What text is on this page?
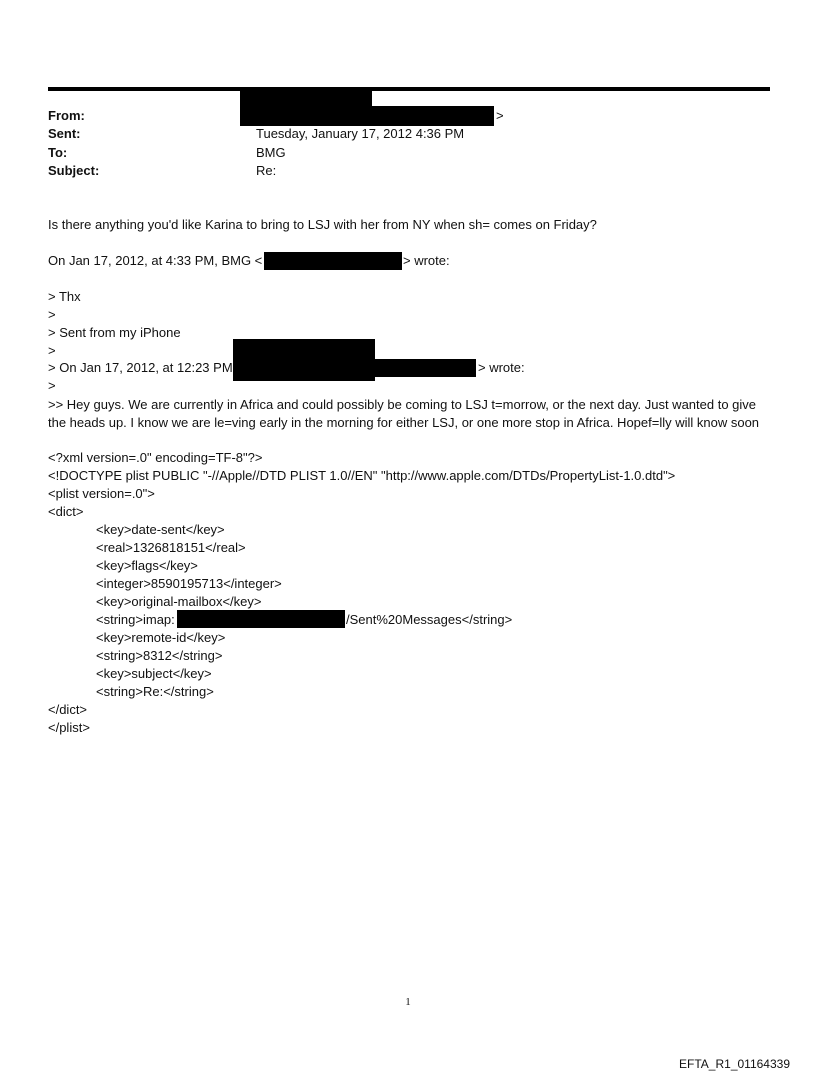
From:	>
Sent:	Tuesday, January 17, 2012 4:36 PM
To:	BMG
Subject:	Re:
Is there anything you'd like Karina to bring to LSJ with her from NY when sh= comes on Friday?
On Jan 17, 2012, at 4:33 PM, BMG <	> wrote:
> Thx
>
> Sent from my iPhone
>
> On Jan 17, 2012, at 12:23 PM	> wrote:
>
>> Hey guys. We are currently in Africa and could possibly be coming to LSJ t=morrow, or the next day. Just wanted to give the heads up. I know we are le=ving early in the morning for either LSJ, or one more stop in Africa. Hopef=lly will know soon
<?xml version=.0" encoding=TF-8"?>
<!DOCTYPE plist PUBLIC "-//Apple//DTD PLIST 1.0//EN" "http://www.apple.com/DTDs/PropertyList-1.0.dtd">
<plist version=.0">
<dict>
<key>date-sent</key>
<real>1326818151</real>
<key>flags</key>
<integer>8590195713</integer>
<key>original-mailbox</key>
<string>imap:	/Sent%20Messages</string>
<key>remote-id</key>
<string>8312</string>
<key>subject</key>
<string>Re:</string>
</dict>
</plist>
1
EFTA_R1_01164339
